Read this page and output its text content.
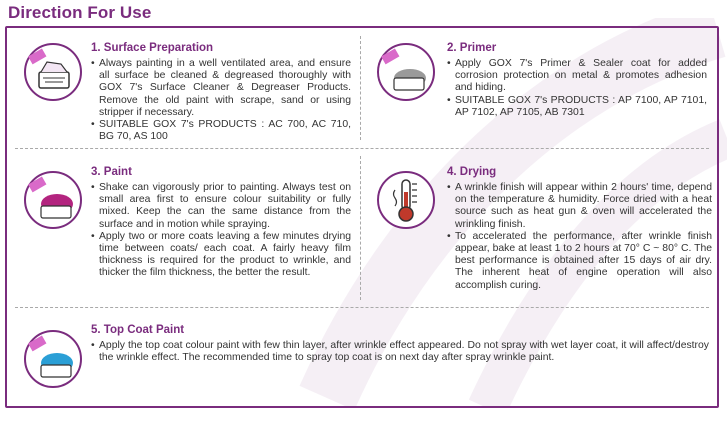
Direction For Use
1. Surface Preparation
• Always painting in a well ventilated area, and ensure all surface be cleaned & degreased thoroughly with GOX 7's Surface Cleaner & Degreaser Products. Remove the old paint with scrape, sand or using stripper if necessary.
• SUITABLE GOX 7's PRODUCTS : AC 700, AC 710, BG 70, AS 100
2. Primer
• Apply GOX 7's Primer & Sealer coat for added corrosion protection on metal & promotes adhesion and hiding.
• SUITABLE GOX 7's PRODUCTS : AP 7100, AP 7101, AP 7102, AP 7105, AB 7301
3. Paint
• Shake can vigorously prior to painting. Always test on small area first to ensure colour suitability or fully mixed. Keep the can the same distance from the surface and in motion while spraying.
• Apply two or more coats leaving a few minutes drying time between coats/ each coat. A fairly heavy film thickness is required for the product to wrinkle, and thicker the film thickness, the better the result.
4. Drying
• A wrinkle finish will appear within 2 hours' time, depend on the temperature & humidity. Force dried with a heat source such as heat gun & oven will accelerated the wrinkling finish.
• To accelerated the performance, after wrinkle finish appear, bake at least 1 to 2 hours at 70° C ~ 80° C. The best performance is obtained after 15 days of air dry. The inherent heat of engine operation will also accomplish curing.
5. Top Coat Paint
• Apply the top coat colour paint with few thin layer, after wrinkle effect appeared. Do not spray with wet layer coat, it will affect/destroy the wrinkle effect. The recommended time to spray top coat is on next day after spray wrinkle paint.
